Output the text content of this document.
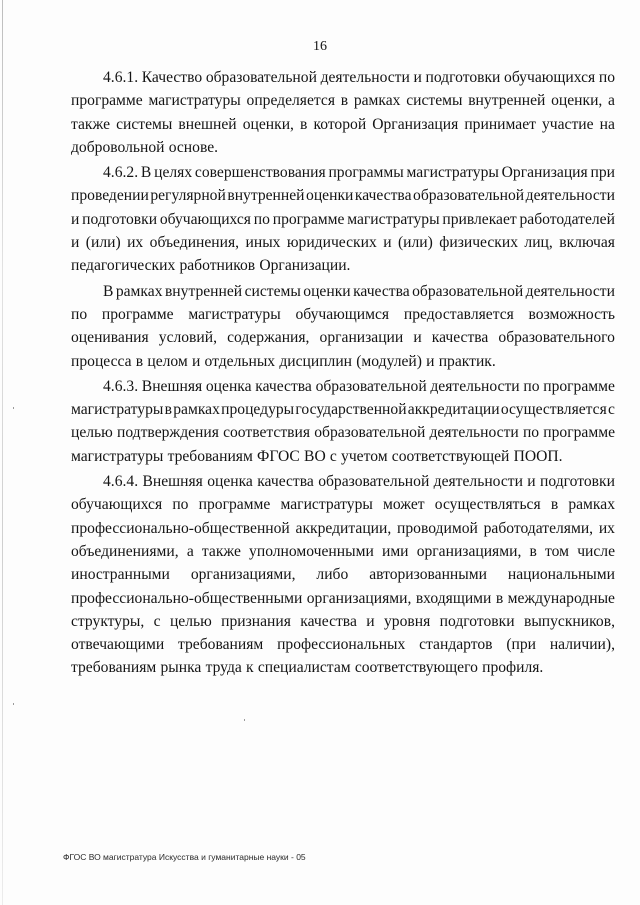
16
4.6.1. Качество образовательной деятельности и подготовки обучающихся по
программе магистратуры определяется в рамках системы внутренней оценки, а
также системы внешней оценки, в которой Организация принимает участие на
добровольной основе.
4.6.2. В целях совершенствования программы магистратуры Организация при
проведении регулярной внутренней оценки качества образовательной деятельности
и подготовки обучающихся по программе магистратуры привлекает работодателей
и (или) их объединения, иных юридических и (или) физических лиц, включая
педагогических работников Организации.
В рамках внутренней системы оценки качества образовательной деятельности
по программе магистратуры обучающимся предоставляется возможность
оценивания условий, содержания, организации и качества образовательного
процесса в целом и отдельных дисциплин (модулей) и практик.
4.6.3. Внешняя оценка качества образовательной деятельности по программе
магистратуры в рамках процедуры государственной аккредитации осуществляется с
целью подтверждения соответствия образовательной деятельности по программе
магистратуры требованиям ФГОС ВО с учетом соответствующей ПООП.
4.6.4. Внешняя оценка качества образовательной деятельности и подготовки
обучающихся по программе магистратуры может осуществляться в рамках
профессионально-общественной аккредитации, проводимой работодателями, их
объединениями, а также уполномоченными ими организациями, в том числе
иностранными организациями, либо авторизованными национальными
профессионально-общественными организациями, входящими в международные
структуры, с целью признания качества и уровня подготовки выпускников,
отвечающими требованиям профессиональных стандартов (при наличии),
требованиям рынка труда к специалистам соответствующего профиля.
ФГОС ВО магистратура Искусства и гуманитарные науки - 05
